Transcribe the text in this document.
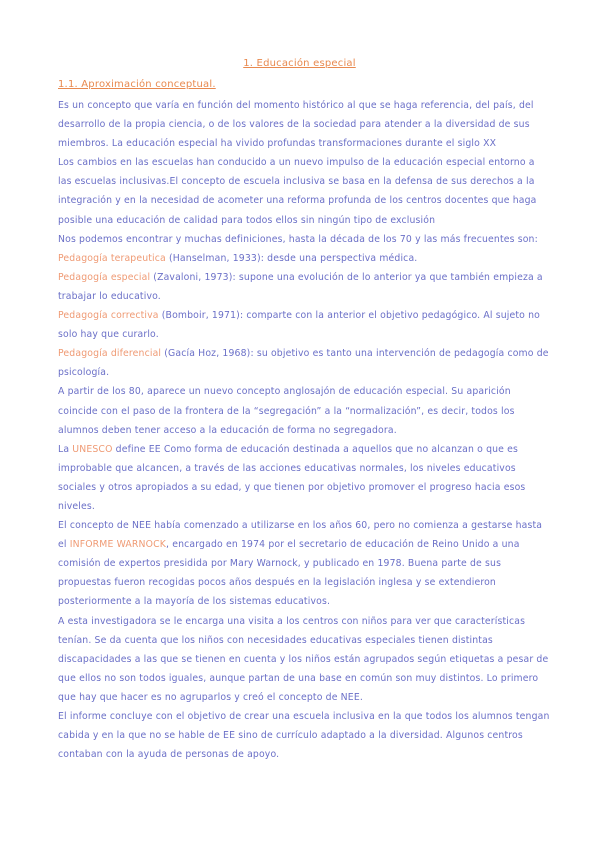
1. Educación especial
1.1. Aproximación conceptual.

Es un concepto que varía en función del momento histórico al que se haga referencia, del país, del desarrollo de la propia ciencia, o de los valores de la sociedad para atender a la diversidad de sus miembros. La educación especial ha vivido profundas transformaciones durante el siglo XX

Los cambios en las escuelas han conducido a un nuevo impulso de la educación especial entorno a las escuelas inclusivas.El concepto de escuela inclusiva se basa en la defensa de sus derechos a la integración y en la necesidad de acometer una reforma profunda de los centros docentes que haga posible una educación de calidad para todos ellos sin ningún tipo de exclusión

Nos podemos encontrar y muchas definiciones, hasta la década de los 70 y las más frecuentes son:

Pedagogía terapeutica (Hanselman, 1933): desde una perspectiva médica.

Pedagogía especial (Zavaloni, 1973): supone una evolución de lo anterior ya que también empieza a trabajar lo educativo.

Pedagogía correctiva (Bomboir, 1971): comparte con la anterior el objetivo pedagógico. Al sujeto no solo hay que curarlo.

Pedagogía diferencial (Gacía Hoz, 1968): su objetivo es tanto una intervención de pedagogía como de psicología.

A partir de los 80, aparece un nuevo concepto anglosajón de educación especial. Su aparición coincide con el paso de la frontera de la “segregación” a la “normalización”, es decir, todos los alumnos deben tener acceso a la educación de forma no segregadora.

La UNESCO define EE Como forma de educación destinada a aquellos que no alcanzan o que es improbable que alcancen, a través de las acciones educativas normales, los niveles educativos sociales y otros apropiados a su edad, y que tienen por objetivo promover el progreso hacia esos niveles.

El concepto de NEE había comenzado a utilizarse en los años 60, pero no comienza a gestarse hasta el INFORME WARNOCK, encargado en 1974 por el secretario de educación de Reino Unido a una comisión de expertos presidida por Mary Warnock, y publicado en 1978. Buena parte de sus propuestas fueron recogidas pocos años después en la legislación inglesa y se extendieron posteriormente a la mayoría de los sistemas educativos.

A esta investigadora se le encarga una visita a los centros con niños para ver que características tenían. Se da cuenta que los niños con necesidades educativas especiales tienen distintas discapacidades a las que se tienen en cuenta y los niños están agrupados según etiquetas a pesar de que ellos no son todos iguales, aunque partan de una base en común son muy distintos. Lo primero que hay que hacer es no agruparlos y creó el concepto de NEE.

El informe concluye con el objetivo de crear una escuela inclusiva en la que todos los alumnos tengan cabida y en la que no se hable de EE sino de currículo adaptado a la diversidad. Algunos centros contaban con la ayuda de personas de apoyo.
